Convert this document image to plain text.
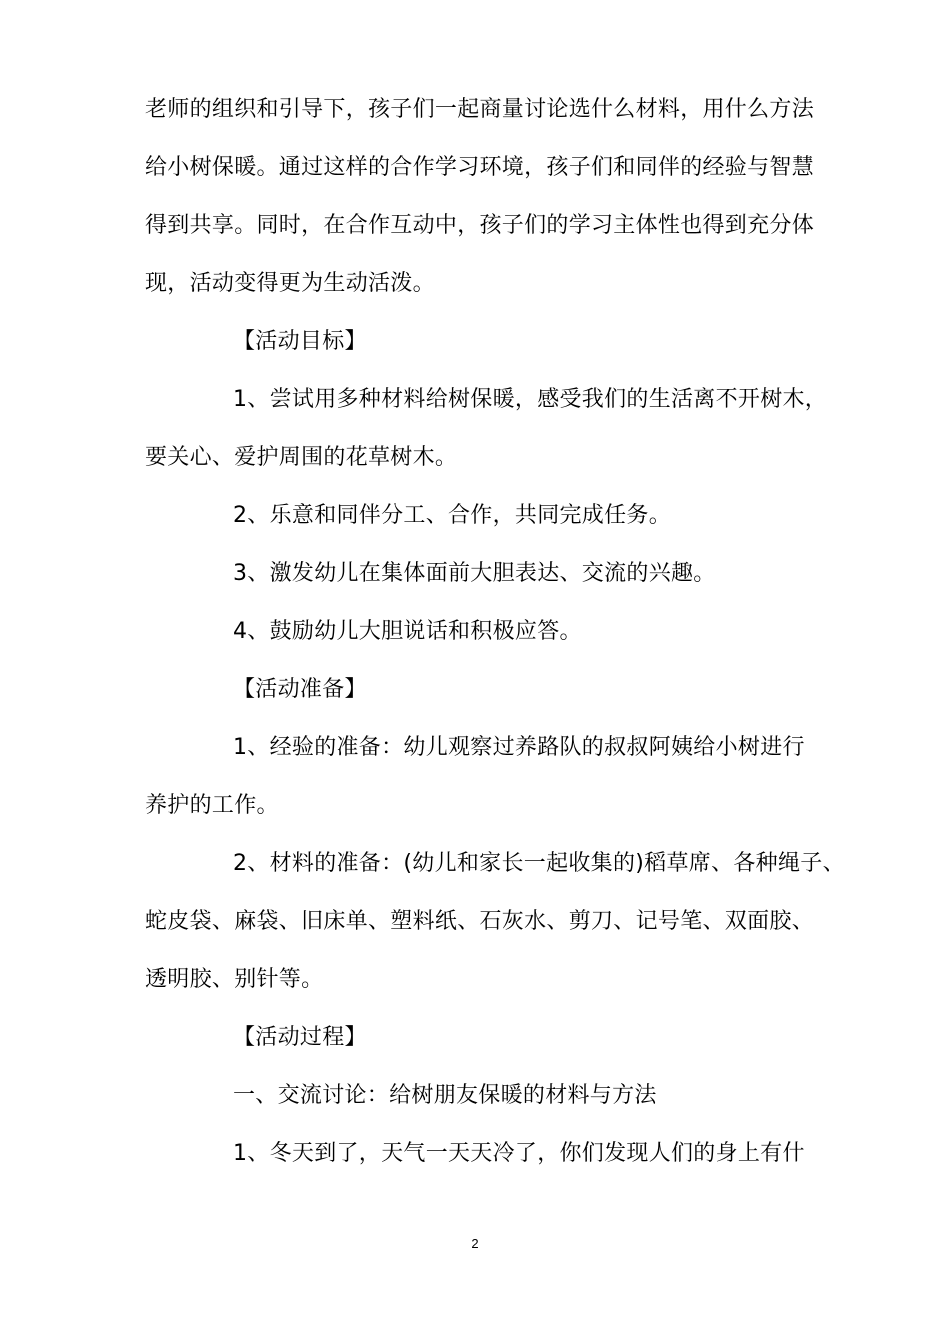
老师的组织和引导下，孩子们一起商量讨论选什么材料，用什么方法
给小树保暖。通过这样的合作学习环境，孩子们和同伴的经验与智慧
得到共享。同时，在合作互动中，孩子们的学习主体性也得到充分体
现，活动变得更为生动活泼。
【活动目标】
1、尝试用多种材料给树保暖，感受我们的生活离不开树木，
要关心、爱护周围的花草树木。
2、乐意和同伴分工、合作，共同完成任务。
3、激发幼儿在集体面前大胆表达、交流的兴趣。
4、鼓励幼儿大胆说话和积极应答。
【活动准备】
1、经验的准备：幼儿观察过养路队的叔叔阿姨给小树进行
养护的工作。
2、材料的准备：(幼儿和家长一起收集的)稻草席、各种绳子、
蛇皮袋、麻袋、旧床单、塑料纸、石灰水、剪刀、记号笔、双面胶、
透明胶、别针等。
【活动过程】
一、交流讨论：给树朋友保暖的材料与方法
1、冬天到了，天气一天天冷了，你们发现人们的身上有什
2
